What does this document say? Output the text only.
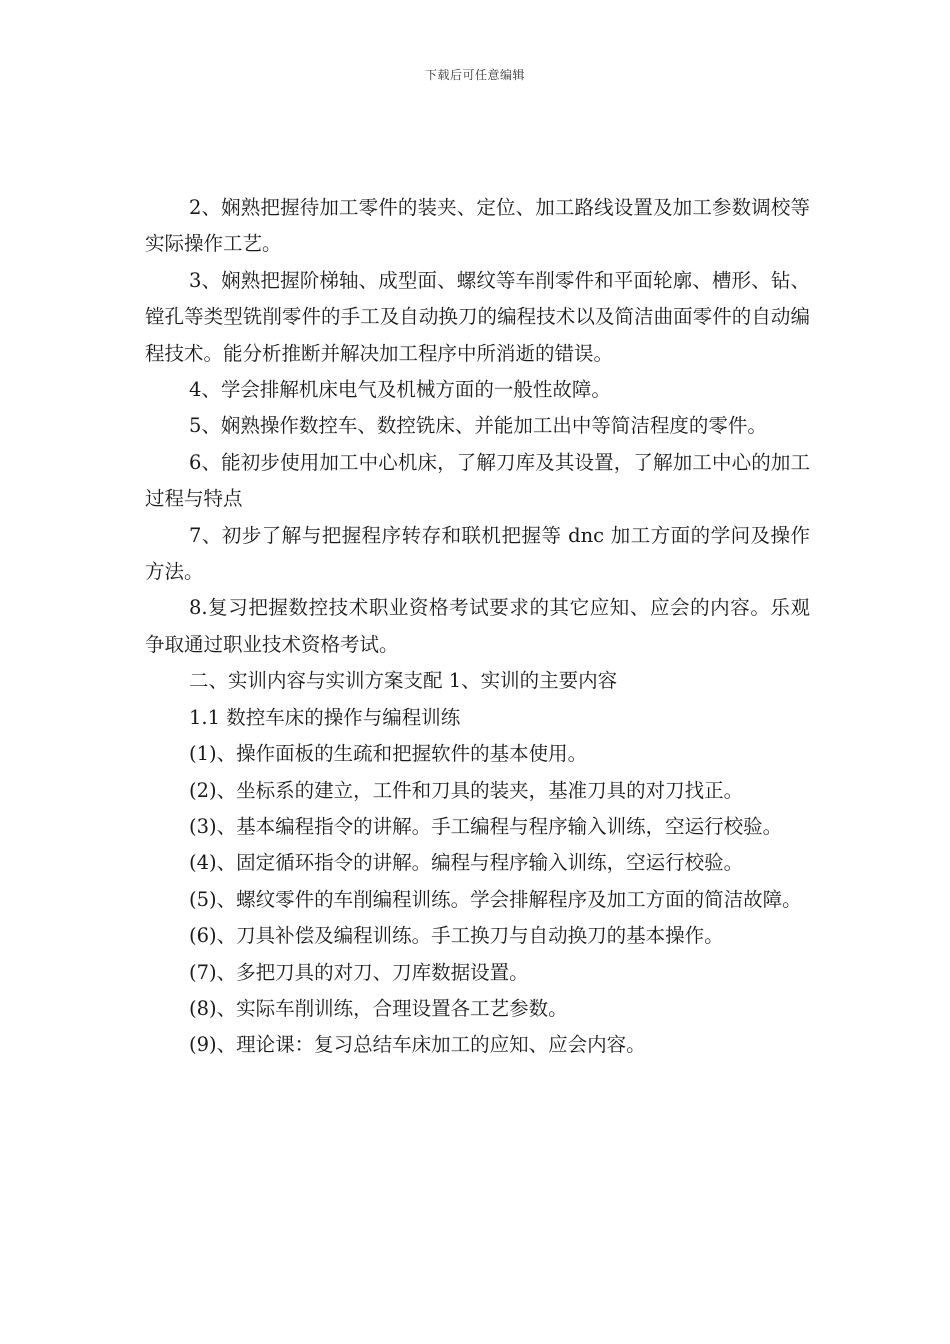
下载后可任意编辑

2、娴熟把握待加工零件的装夹、定位、加工路线设置及加工参数调校等实际操作工艺。

3、娴熟把握阶梯轴、成型面、螺纹等车削零件和平面轮廓、槽形、钻、镗孔等类型铣削零件的手工及自动换刀的编程技术以及简洁曲面零件的自动编程技术。能分析推断并解决加工程序中所消逝的错误。

4、学会排解机床电气及机械方面的一般性故障。

5、娴熟操作数控车、数控铣床、并能加工出中等简洁程度的零件。

6、能初步使用加工中心机床，了解刀库及其设置，了解加工中心的加工过程与特点

7、初步了解与把握程序转存和联机把握等 dnc 加工方面的学问及操作方法。

8.复习把握数控技术职业资格考试要求的其它应知、应会的内容。乐观争取通过职业技术资格考试。

二、实训内容与实训方案支配 1、实训的主要内容

1.1 数控车床的操作与编程训练

(1)、操作面板的生疏和把握软件的基本使用。

(2)、坐标系的建立，工件和刀具的装夹，基准刀具的对刀找正。

(3)、基本编程指令的讲解。手工编程与程序输入训练，空运行校验。

(4)、固定循环指令的讲解。编程与程序输入训练，空运行校验。

(5)、螺纹零件的车削编程训练。学会排解程序及加工方面的简洁故障。

(6)、刀具补偿及编程训练。手工换刀与自动换刀的基本操作。

(7)、多把刀具的对刀、刀库数据设置。

(8)、实际车削训练，合理设置各工艺参数。

(9)、理论课：复习总结车床加工的应知、应会内容。
